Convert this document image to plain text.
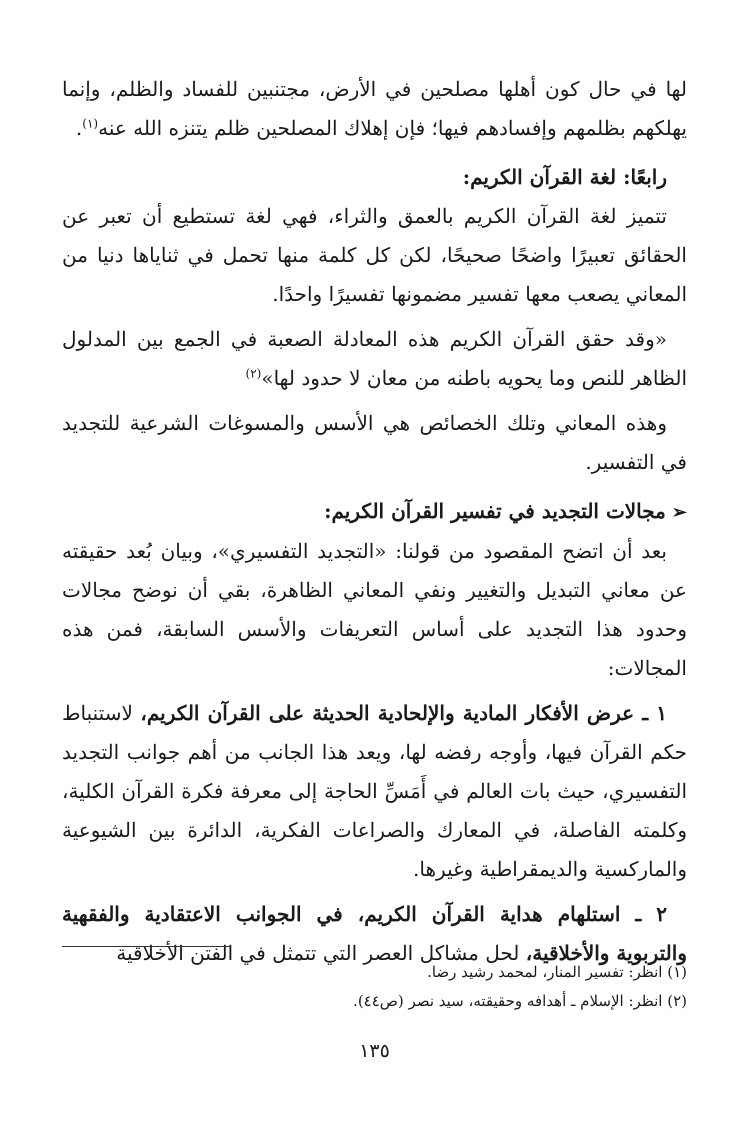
لها في حال كون أهلها مصلحين في الأرض، مجتنبين للفساد والظلم، وإنما يهلكهم بظلمهم وإفسادهم فيها؛ فإن إهلاك المصلحين ظلم يتنزه الله عنه$^{(١)}$.

رابعًا: لغة القرآن الكريم:

تتميز لغة القرآن الكريم بالعمق والثراء، فهي لغة تستطيع أن تعبر عن الحقائق تعبيرًا واضحًا صحيحًا، لكن كل كلمة منها تحمل في ثناياها دنيا من المعاني يصعب معها تفسير مضمونها تفسيرًا واحدًا.

«وقد حقق القرآن الكريم هذه المعادلة الصعبة في الجمع بين المدلول الظاهر للنص وما يحويه باطنه من معان لا حدود لها»$^{(٢)}$

وهذه المعاني وتلك الخصائص هي الأسس والمسوغات الشرعية للتجديد في التفسير.

➢مجالات التجديد في تفسير القرآن الكريم:

بعد أن اتضح المقصود من قولنا: «التجديد التفسيري»، وبيان بُعد حقيقته عن معاني التبديل والتغيير ونفي المعاني الظاهرة، بقي أن نوضح مجالات وحدود هذا التجديد على أساس التعريفات والأسس السابقة، فمن هذه المجالات:

١ ـ عرض الأفكار المادية والإلحادية الحديثة على القرآن الكريم، لاستنباط حكم القرآن فيها، وأوجه رفضه لها، ويعد هذا الجانب من أهم جوانب التجديد التفسيري، حيث بات العالم في أَمَسِّ الحاجة إلى معرفة فكرة القرآن الكلية، وكلمته الفاصلة، في المعارك والصراعات الفكرية، الدائرة بين الشيوعية والماركسية والديمقراطية وغيرها.

٢ ـ استلهام هداية القرآن الكريم، في الجوانب الاعتقادية والفقهية والتربوية والأخلاقية، لحل مشاكل العصر التي تتمثل في الفتن الأخلاقية

(١) انظر: تفسير المنار، لمحمد رشيد رضا.

(٢) انظر: الإسلام ـ أهدافه وحقيقته، سيد نصر (ص٤٤).

١٣٥
